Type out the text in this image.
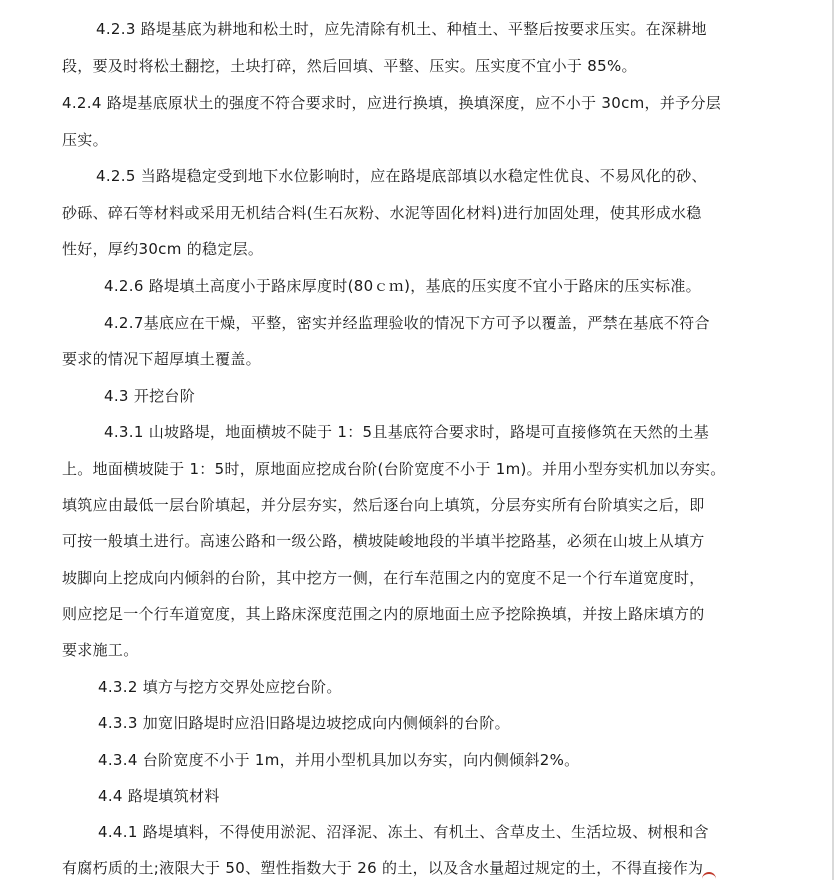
4.2.3 路堤基底为耕地和松土时，应先清除有机土、种植土、平整后按要求压实。在深耕地
段，要及时将松土翻挖，土块打碎，然后回填、平整、压实。压实度不宜小于 85%。
4.2.4 路堤基底原状土的强度不符合要求时，应进行换填，换填深度，应不小于 30cm，并予分层
压实。
4.2.5 当路堤稳定受到地下水位影响时，应在路堤底部填以水稳定性优良、不易风化的砂、
砂砾、碎石等材料或采用无机结合料(生石灰粉、水泥等固化材料)进行加固处理，使其形成水稳
性好，厚约30cm 的稳定层。
4.2.6 路堤填土高度小于路床厚度时(80ｃｍ)，基底的压实度不宜小于路床的压实标准。
4.2.7基底应在干燥，平整，密实并经监理验收的情况下方可予以覆盖，严禁在基底不符合
要求的情况下超厚填土覆盖。
4.3 开挖台阶
4.3.1 山坡路堤，地面横坡不陡于 1：5且基底符合要求时，路堤可直接修筑在天然的土基
上。地面横坡陡于 1：5时，原地面应挖成台阶(台阶宽度不小于 1m)。并用小型夯实机加以夯实。
填筑应由最低一层台阶填起，并分层夯实，然后逐台向上填筑，分层夯实所有台阶填实之后，即
可按一般填土进行。高速公路和一级公路，横坡陡峻地段的半填半挖路基，必须在山坡上从填方
坡脚向上挖成向内倾斜的台阶，其中挖方一侧，在行车范围之内的宽度不足一个行车道宽度时，
则应挖足一个行车道宽度，其上路床深度范围之内的原地面土应予挖除换填，并按上路床填方的
要求施工。
4.3.2 填方与挖方交界处应挖台阶。
4.3.3 加宽旧路堤时应沿旧路堤边坡挖成向内侧倾斜的台阶。
4.3.4 台阶宽度不小于 1m，并用小型机具加以夯实，向内侧倾斜2%。
4.4 路堤填筑材料
4.4.1 路堤填料，不得使用淤泥、沼泽泥、冻土、有机土、含草皮土、生活垃圾、树根和含
有腐朽质的土;液限大于 50、塑性指数大于 26 的土，以及含水量超过规定的土，不得直接作为
